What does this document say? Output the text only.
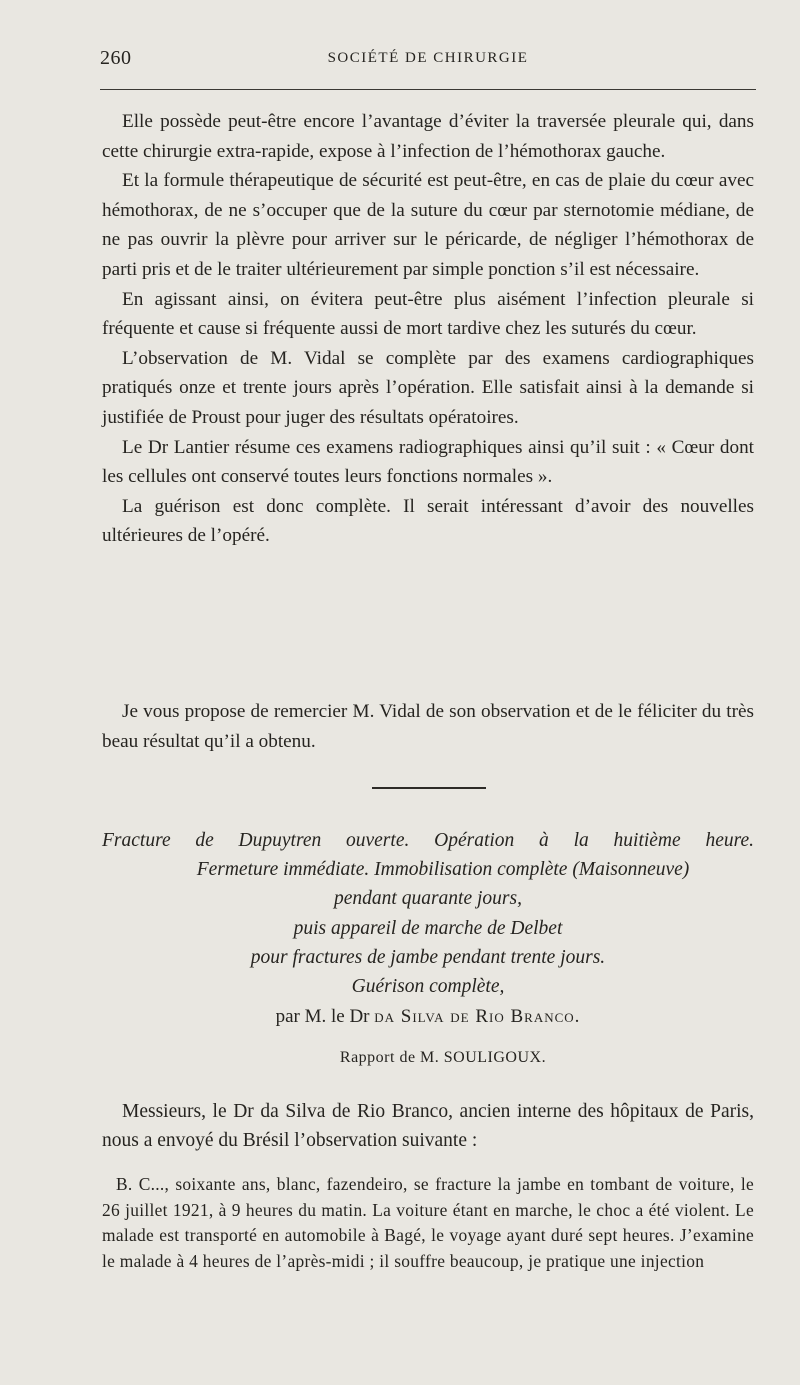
260	SOCIÉTÉ DE CHIRURGIE

Elle possède peut-être encore l’avantage d’éviter la traversée pleurale qui, dans cette chirurgie extra-rapide, expose à l’infection de l’hémothorax gauche.

Et la formule thérapeutique de sécurité est peut-être, en cas de plaie du cœur avec hémothorax, de ne s’occuper que de la suture du cœur par sternotomie médiane, de ne pas ouvrir la plèvre pour arriver sur le péricarde, de négliger l’hémothorax de parti pris et de le traiter ultérieurement par simple ponction s’il est nécessaire.

En agissant ainsi, on évitera peut-être plus aisément l’infection pleurale si fréquente et cause si fréquente aussi de mort tardive chez les suturés du cœur.

L’observation de M. Vidal se complète par des examens cardiographiques pratiqués onze et trente jours après l’opération. Elle satisfait ainsi à la demande si justifiée de Proust pour juger des résultats opératoires.

Le Dr Lantier résume ces examens radiographiques ainsi qu’il suit : « Cœur dont les cellules ont conservé toutes leurs fonctions normales ».

La guérison est donc complète. Il serait intéressant d’avoir des nouvelles ultérieures de l’opéré.

Je vous propose de remercier M. Vidal de son observation et de le féliciter du très beau résultat qu’il a obtenu.

Fracture de Dupuytren ouverte. Opération à la huitième heure.
Fermeture immédiate. Immobilisation complète (Maisonneuve)
pendant quarante jours,
puis appareil de marche de Delbet
pour fractures de jambe pendant trente jours.
Guérison complète,
par M. le Dr da Silva de Rio Branco.
Rapport de M. SOULIGOUX.

Messieurs, le Dr da Silva de Rio Branco, ancien interne des hôpitaux de Paris, nous a envoyé du Brésil l’observation suivante :

B. C..., soixante ans, blanc, fazendeiro, se fracture la jambe en tombant de voiture, le 26 juillet 1921, à 9 heures du matin. La voiture étant en marche, le choc a été violent. Le malade est transporté en automobile à Bagé, le voyage ayant duré sept heures. J’examine le malade à 4 heures de l’après-midi ; il souffre beaucoup, je pratique une injection
